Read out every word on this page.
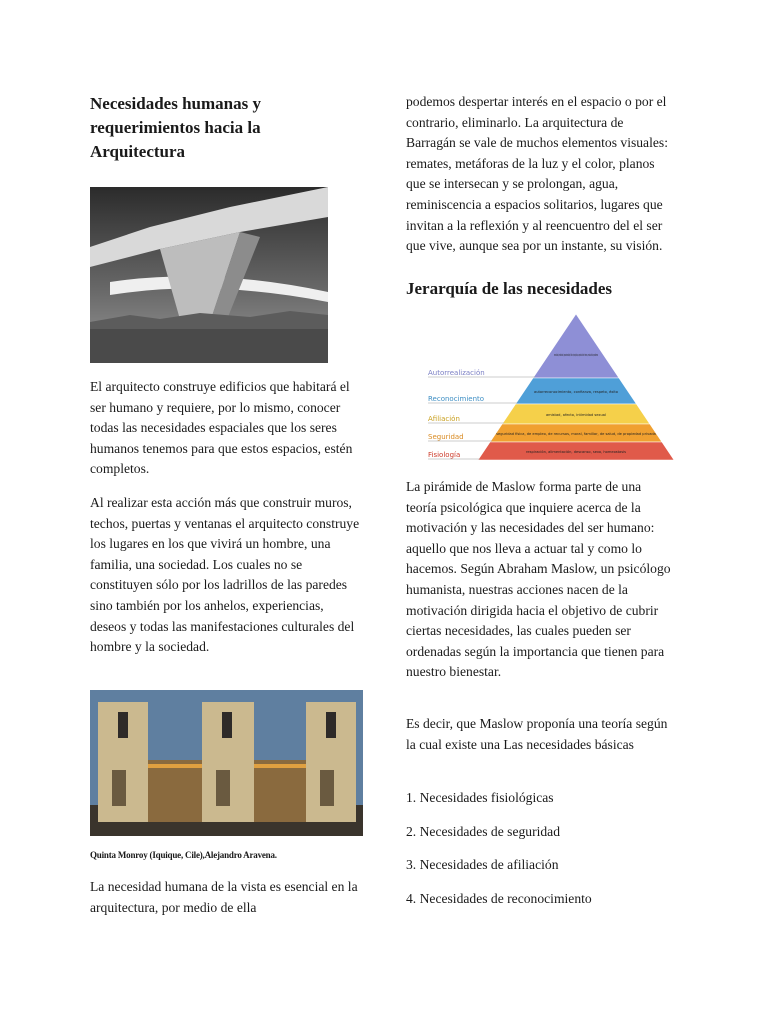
Necesidades humanas y requerimientos hacia la Arquitectura

El arquitecto construye edificios que habitará el ser humano y requiere, por lo mismo, conocer todas las necesidades espaciales que los seres humanos tenemos para que estos espacios, estén completos.

Al realizar esta acción más que construir muros, techos, puertas y ventanas el arquitecto construye los lugares en los que vivirá un hombre, una familia, una sociedad. Los cuales no se constituyen sólo por los ladrillos de las paredes sino también por los anhelos, experiencias, deseos y todas las manifestaciones culturales del hombre y la sociedad.

Quinta Monroy (Iquique, Cile),Alejandro Aravena.

La necesidad humana de la vista es esencial en la arquitectura, por medio de ella

podemos despertar interés en el espacio o por el contrario, eliminarlo. La arquitectura de Barragán se vale de muchos elementos visuales: remates, metáforas de la luz y el color, planos que se intersecan y se prolongan, agua, reminiscencia a espacios solitarios, lugares que invitan a la reflexión y al reencuentro del el ser que vive, aunque sea por un instante, su visión.

Jerarquía de las necesidades
moralidad, creatividad, espontaneidad, falta de prejuicios, aceptación de hechos, resolución de problemas
Autorrealización
autorreconocimiento, confianza, respeto, éxito
Reconocimiento
amistad, afecto, intimidad sexual
Afiliación
seguridad física, de empleo, de recursos, moral, familiar, de salud, de propiedad privada
Seguridad
respiración, alimentación, descanso, sexo, homeostasis
Fisiología

La pirámide de Maslow forma parte de una teoría psicológica que inquiere acerca de la motivación y las necesidades del ser humano: aquello que nos lleva a actuar tal y como lo hacemos. Según Abraham Maslow, un psicólogo humanista, nuestras acciones nacen de la motivación dirigida hacia el objetivo de cubrir ciertas necesidades, las cuales pueden ser ordenadas según la importancia que tienen para nuestro bienestar.

Es decir, que Maslow proponía una teoría según la cual existe una Las necesidades básicas

1. Necesidades fisiológicas

2. Necesidades de seguridad

3. Necesidades de afiliación

4. Necesidades de reconocimiento
